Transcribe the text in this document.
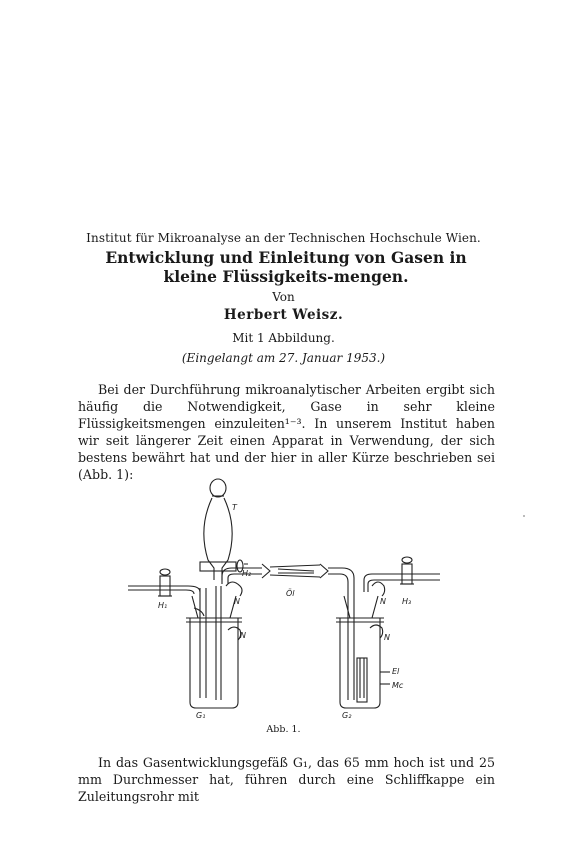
Institut für Mikroanalyse an der Technischen Hochschule Wien.
Entwicklung und Einleitung von Gasen in kleine Flüssigkeits-mengen.
Von
Herbert Weisz.
Mit 1 Abbildung.
(Eingelangt am 27. Januar 1953.)
Bei der Durchführung mikroanalytischer Arbeiten ergibt sich häufig die Notwendigkeit, Gase in sehr kleine Flüssigkeitsmengen einzuleiten¹⁻³. In unserem Institut haben wir seit längerer Zeit einen Apparat in Verwendung, der sich bestens bewährt hat und der hier in aller Kürze beschrieben sei (Abb. 1):
T
H₂
H₁	N
N
Öl
N H₃
N
El
Mc
G₁	G₂
Abb. 1.
In das Gasentwicklungsgefäß G₁, das 65 mm hoch ist und 25 mm Durchmesser hat, führen durch eine Schliffkappe ein Zuleitungsrohr mit
